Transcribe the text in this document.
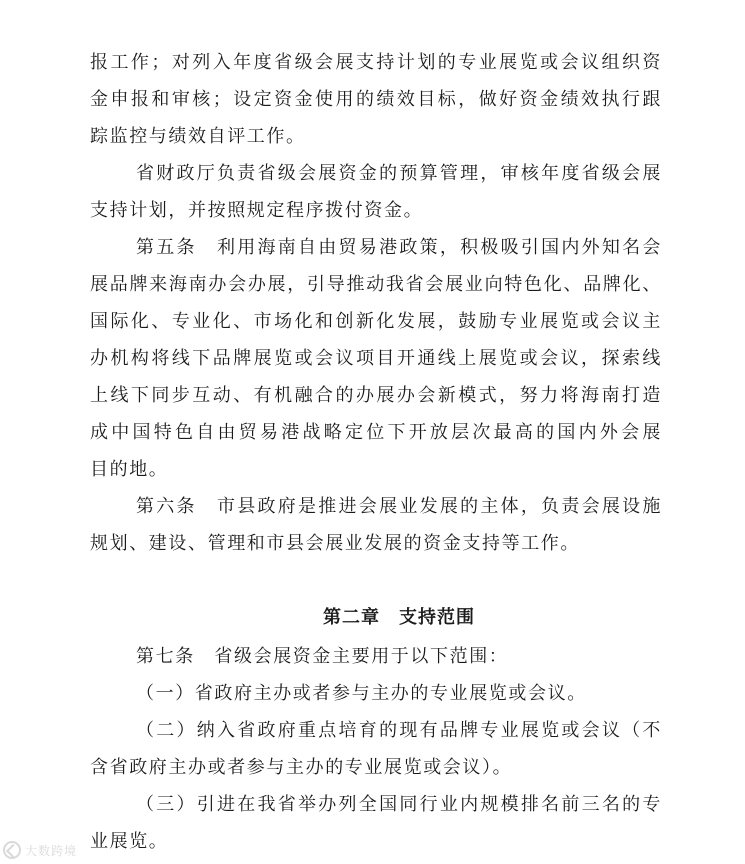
报工作；对列入年度省级会展支持计划的专业展览或会议组织资
金申报和审核；设定资金使用的绩效目标，做好资金绩效执行跟
踪监控与绩效自评工作。
省财政厅负责省级会展资金的预算管理，审核年度省级会展
支持计划，并按照规定程序拨付资金。
第五条　利用海南自由贸易港政策，积极吸引国内外知名会
展品牌来海南办会办展，引导推动我省会展业向特色化、品牌化、
国际化、专业化、市场化和创新化发展，鼓励专业展览或会议主
办机构将线下品牌展览或会议项目开通线上展览或会议，探索线
上线下同步互动、有机融合的办展办会新模式，努力将海南打造
成中国特色自由贸易港战略定位下开放层次最高的国内外会展
目的地。
第六条　市县政府是推进会展业发展的主体，负责会展设施
规划、建设、管理和市县会展业发展的资金支持等工作。
第二章　支持范围
第七条　省级会展资金主要用于以下范围：
（一）省政府主办或者参与主办的专业展览或会议。
（二）纳入省政府重点培育的现有品牌专业展览或会议（不
含省政府主办或者参与主办的专业展览或会议）。
（三）引进在我省举办列全国同行业内规模排名前三名的专
业展览。
大数跨境
